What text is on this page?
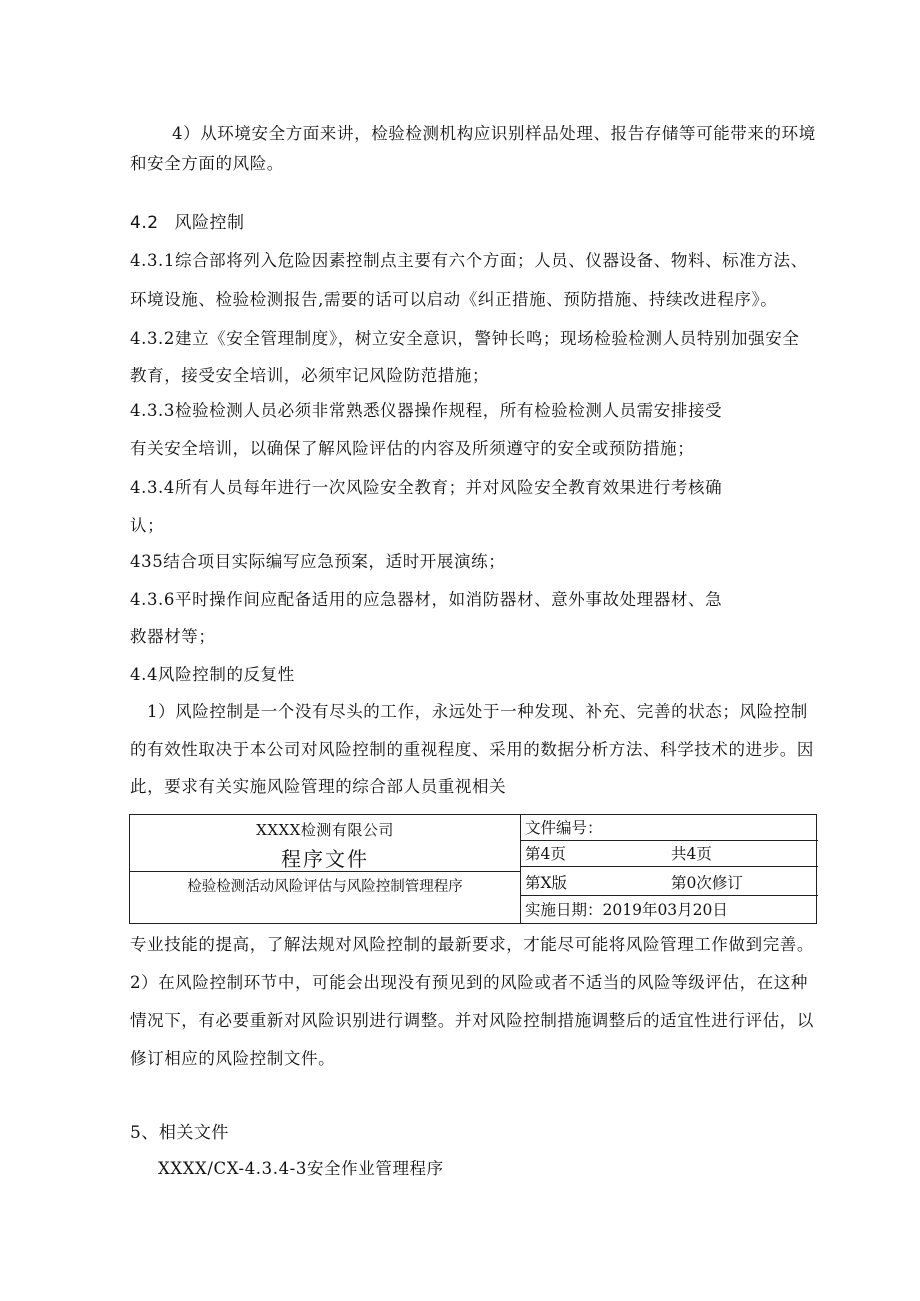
4）从环境安全方面来讲，检验检测机构应识别样品处理、报告存储等可能带来的环境
和安全方面的风险。
4.2 风险控制
4.3.1综合部将列入危险因素控制点主要有六个方面；人员、仪器设备、物料、标准方法、
环境设施、检验检测报告,需要的话可以启动《纠正措施、预防措施、持续改进程序》。
4.3.2建立《安全管理制度》，树立安全意识，警钟长鸣；现场检验检测人员特别加强安全
教育，接受安全培训，必须牢记风险防范措施；
4.3.3检验检测人员必须非常熟悉仪器操作规程，所有检验检测人员需安排接受
有关安全培训，以确保了解风险评估的内容及所须遵守的安全或预防措施；
4.3.4所有人员每年进行一次风险安全教育；并对风险安全教育效果进行考核确
认；
435结合项目实际编写应急预案，适时开展演练；
4.3.6平时操作间应配备适用的应急器材，如消防器材、意外事故处理器材、急
救器材等；
4.4风险控制的反复性
1）风险控制是一个没有尽头的工作，永远处于一种发现、补充、完善的状态；风险控制
的有效性取决于本公司对风险控制的重视程度、采用的数据分析方法、科学技术的进步。因
此，要求有关实施风险管理的综合部人员重视相关
XXXX检测有限公司
程序文件
检验检测活动风险评估与风险控制管理程序
文件编号：
第4页	共4页
第X版	第0次修订
实施日期：2019年03月20日
专业技能的提高，了解法规对风险控制的最新要求，才能尽可能将风险管理工作做到完善。
2）在风险控制环节中，可能会出现没有预见到的风险或者不适当的风险等级评估，在这种
情况下，有必要重新对风险识别进行调整。并对风险控制措施调整后的适宜性进行评估，以
修订相应的风险控制文件。
5、相关文件
XXXX/CX-4.3.4-3安全作业管理程序
